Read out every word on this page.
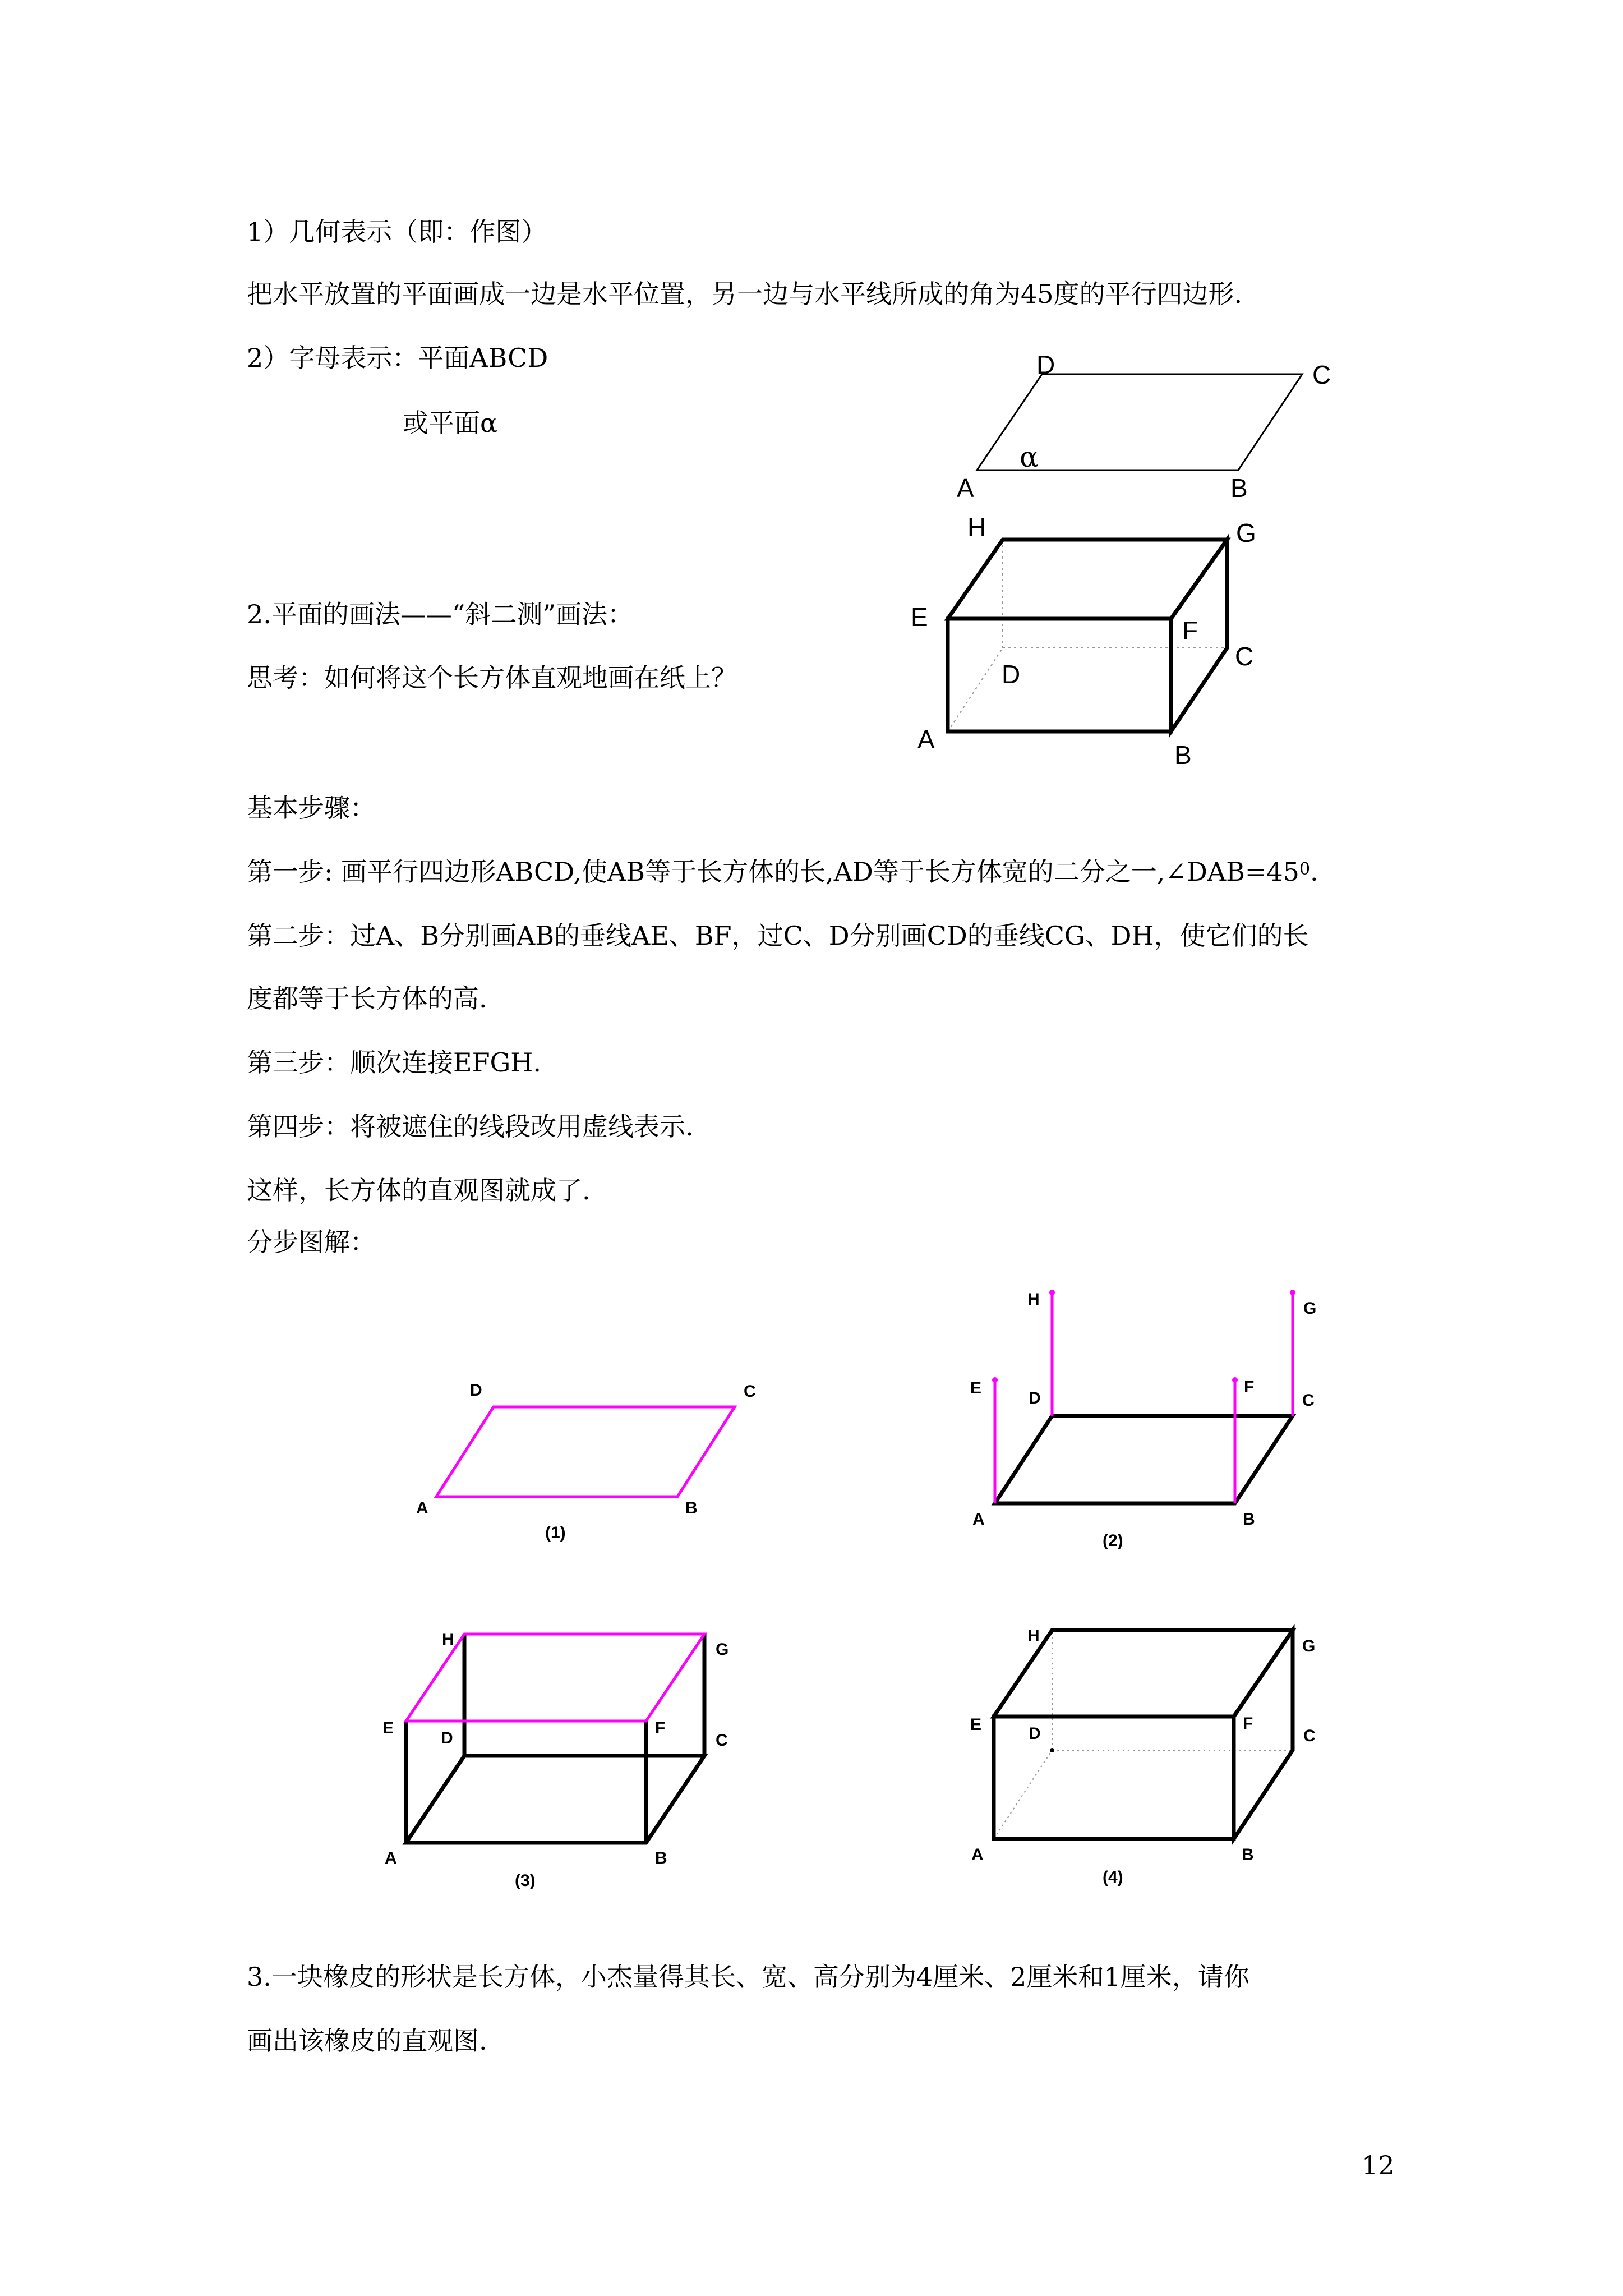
1）几何表示（即：作图）
把水平放置的平面画成一边是水平位置，另一边与水平线所成的角为45度的平行四边形.
2）字母表示：平面ABCD
或平面α
2.平面的画法——“斜二测”画法：
思考：如何将这个长方体直观地画在纸上？
基本步骤：
第一步: 画平行四边形ABCD,使AB等于长方体的长,AD等于长方体宽的二分之一$,\angle DAB=45^0$.
第二步：过A、B分别画AB的垂线AE、BF，过C、D分别画CD的垂线CG、DH，使它们的长
度都等于长方体的高.
第三步：顺次连接EFGH.
第四步：将被遮住的线段改用虚线表示.
这样，长方体的直观图就成了.
分步图解：
3.一块橡皮的形状是长方体，小杰量得其长、宽、高分别为4厘米、2厘米和1厘米，请你
画出该橡皮的直观图.
12
D	C
A	B
α
H	G
E	F
C
D
A
B
D	C
A	B
(1)
H	G
E	F
D	C
A	B
(2)
H
G
E	F
D	C
A	B
(3)
H
G
E	F
D	C
A	B
(4)
